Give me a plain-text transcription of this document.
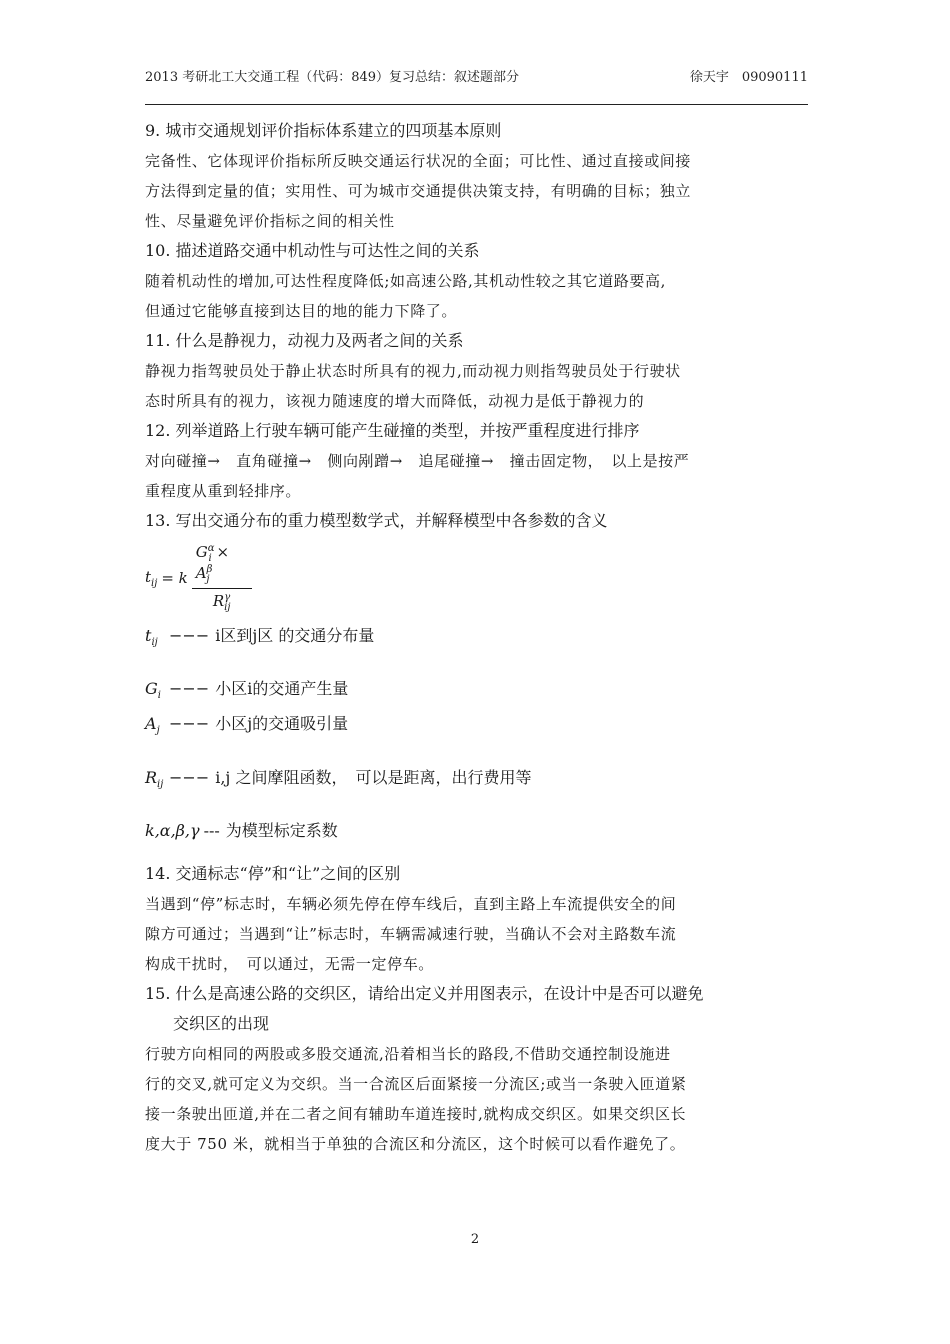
2013 考研北工大交通工程（代码：849）复习总结：叙述题部分	徐天宇　09090111
9. 城市交通规划评价指标体系建立的四项基本原则
完备性、它体现评价指标所反映交通运行状况的全面；可比性、通过直接或间接
方法得到定量的值；实用性、可为城市交通提供决策支持，有明确的目标；独立
性、尽量避免评价指标之间的相关性
10. 描述道路交通中机动性与可达性之间的关系
随着机动性的增加,可达性程度降低;如高速公路,其机动性较之其它道路要高,
但通过它能够直接到达目的地的能力下降了。
11. 什么是静视力，动视力及两者之间的关系
静视力指驾驶员处于静止状态时所具有的视力,而动视力则指驾驶员处于行驶状
态时所具有的视力，该视力随速度的增大而降低，动视力是低于静视力的
12. 列举道路上行驶车辆可能产生碰撞的类型，并按严重程度进行排序
对向碰撞→　直角碰撞→　侧向剐蹭→　追尾碰撞→　撞击固定物，　以上是按严
重程度从重到轻排序。
13. 写出交通分布的重力模型数学式，并解释模型中各参数的含义
$t_{ij} = k \frac{G^\alpha_i \times A^\beta_j}{R^\gamma_{ij}}$
$t_{ij}$ −−− i区到j区 的交通分布量
$G_i$ −−− 小区i的交通产生量
$A_j$ −−− 小区j的交通吸引量
$R_{ij}$ −−− i,j 之间摩阻函数，　可以是距离，出行费用等
k,α,β,γ --- 为模型标定系数
14. 交通标志“停”和“让”之间的区别
当遇到“停”标志时，车辆必须先停在停车线后，直到主路上车流提供安全的间
隙方可通过；当遇到“让”标志时，车辆需减速行驶，当确认不会对主路数车流
构成干扰时，　可以通过，无需一定停车。
15. 什么是高速公路的交织区，请给出定义并用图表示，在设计中是否可以避免
交织区的出现
行驶方向相同的两股或多股交通流,沿着相当长的路段,不借助交通控制设施进
行的交叉,就可定义为交织。当一合流区后面紧接一分流区;或当一条驶入匝道紧
接一条驶出匝道,并在二者之间有辅助车道连接时,就构成交织区。如果交织区长
度大于 750 米，就相当于单独的合流区和分流区，这个时候可以看作避免了。
2
